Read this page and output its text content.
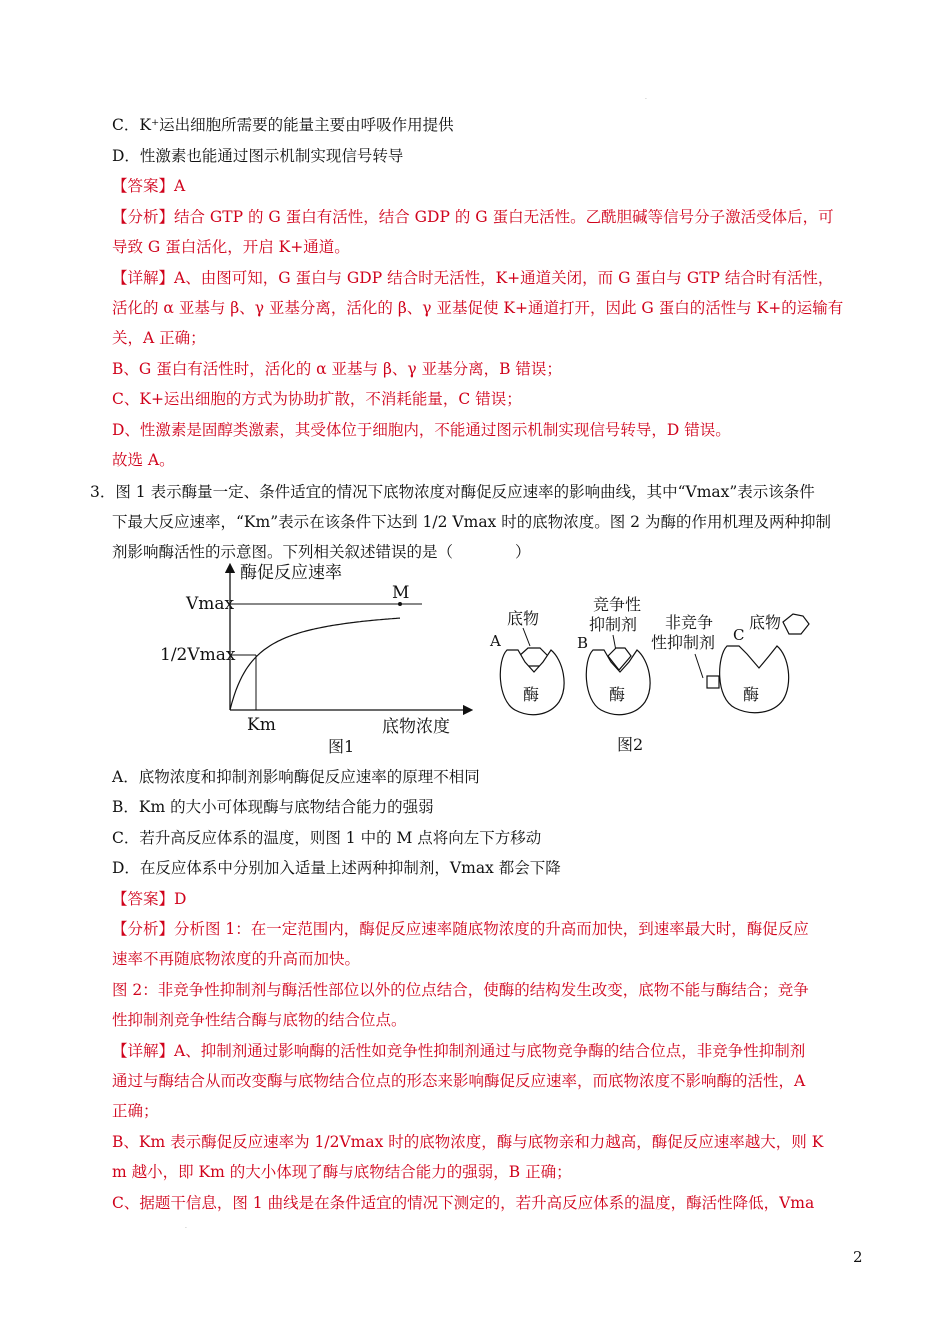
·
C．K⁺运出细胞所需要的能量主要由呼吸作用提供
D．性激素也能通过图示机制实现信号转导
【答案】A
【分析】结合 GTP 的 G 蛋白有活性，结合 GDP 的 G 蛋白无活性。乙酰胆碱等信号分子激活受体后，可
导致 G 蛋白活化，开启 K+通道。
【详解】A、由图可知，G 蛋白与 GDP 结合时无活性，K+通道关闭，而 G 蛋白与 GTP 结合时有活性，
活化的 α 亚基与 β、γ 亚基分离，活化的 β、γ 亚基促使 K+通道打开，因此 G 蛋白的活性与 K+的运输有
关，A 正确；
B、G 蛋白有活性时，活化的 α 亚基与 β、γ 亚基分离，B 错误；
C、K+运出细胞的方式为协助扩散，不消耗能量，C 错误；
D、性激素是固醇类激素，其受体位于细胞内，不能通过图示机制实现信号转导，D 错误。
故选 A。
3．图 1 表示酶量一定、条件适宜的情况下底物浓度对酶促反应速率的影响曲线，其中“Vmax”表示该条件
下最大反应速率，“Km”表示在该条件下达到 1/2 Vmax 时的底物浓度。图 2 为酶的作用机理及两种抑制
剂影响酶活性的示意图。下列相关叙述错误的是（　　　　）
酶促反应速率
底物浓度
Vmax
1/2Vmax
Km
M
图1
A
底物
酶
B
竞争性
抑制剂
酶
非竞争
性抑制剂 C
底物
酶
图2
A．底物浓度和抑制剂影响酶促反应速率的原理不相同
B．Km 的大小可体现酶与底物结合能力的强弱
C．若升高反应体系的温度，则图 1 中的 M 点将向左下方移动
D．在反应体系中分别加入适量上述两种抑制剂，Vmax 都会下降
【答案】D
【分析】分析图 1：在一定范围内，酶促反应速率随底物浓度的升高而加快，到速率最大时，酶促反应
速率不再随底物浓度的升高而加快。
图 2：非竞争性抑制剂与酶活性部位以外的位点结合，使酶的结构发生改变，底物不能与酶结合；竞争
性抑制剂竞争性结合酶与底物的结合位点。
【详解】A、抑制剂通过影响酶的活性如竞争性抑制剂通过与底物竞争酶的结合位点，非竞争性抑制剂
通过与酶结合从而改变酶与底物结合位点的形态来影响酶促反应速率，而底物浓度不影响酶的活性，A
正确；
B、Km 表示酶促反应速率为 1/2Vmax 时的底物浓度，酶与底物亲和力越高，酶促反应速率越大，则 K
m 越小，即 Km 的大小体现了酶与底物结合能力的强弱，B 正确；
C、据题干信息，图 1 曲线是在条件适宜的情况下测定的，若升高反应体系的温度，酶活性降低，Vma
·
2
